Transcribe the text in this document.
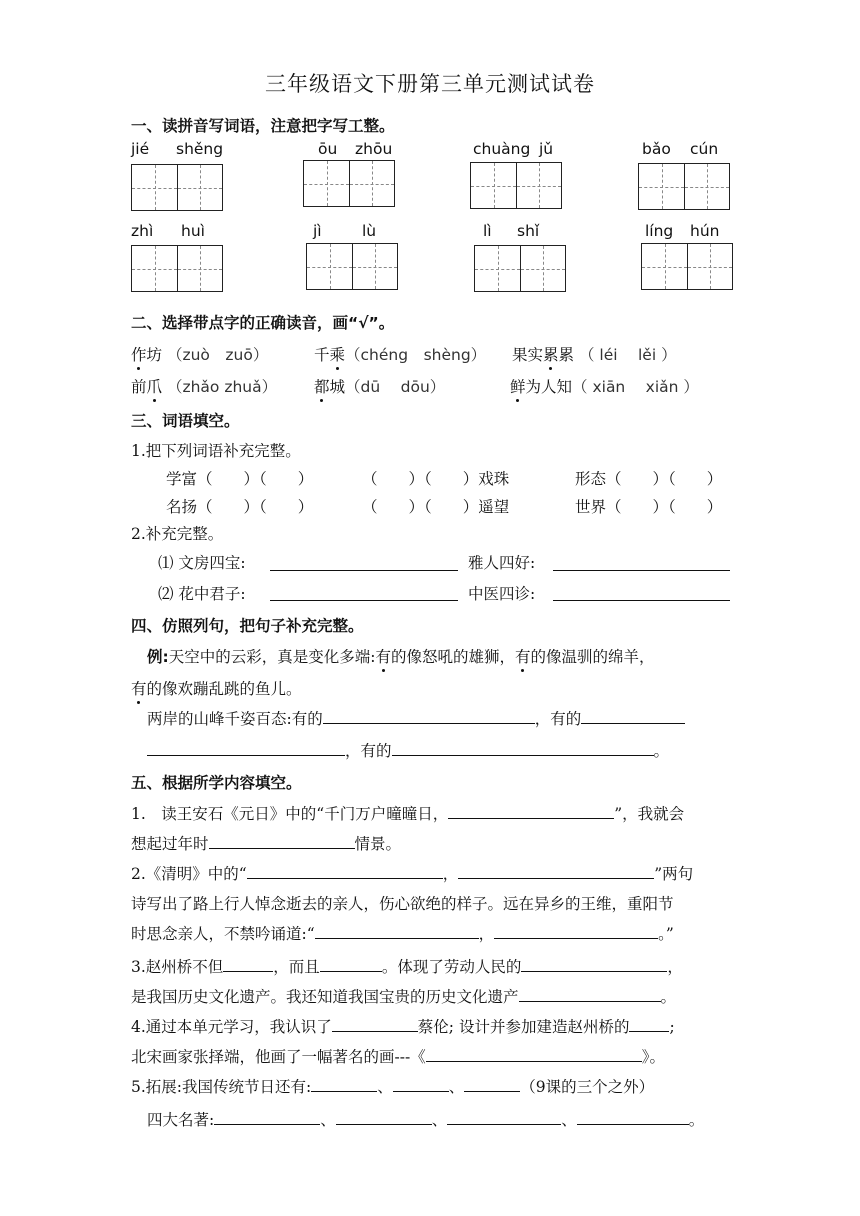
三年级语文下册第三单元测试试卷
一、读拼音写词语，注意把字写工整。
jié shěng	ōu zhōu	chuàng jǔ	bǎo cún
zhì huì	jì	lù	lì shǐ	líng hún
二、选择带点字的正确读音，画“√”。
作坊 （zuò　zuō）	千乘（chéng　shèng） 果实累累 （ léi　 lěi ）
前爪 （zhǎo zhuǎ） 都城（dū　 dōu）	鲜为人知（ xiān　 xiǎn ）
三、词语填空。
1.把下列词语补充完整。
学富（　　）（　　）	（　　）（　　）戏珠	形态（　　）（　　）
名扬（　　）（　　）	（　　）（　　）遥望	世界（　　）（　　）
2.补充完整。
⑴ 文房四宝:	雅人四好:
⑵ 花中君子:	中医四诊:
四、仿照列句，把句子补充完整。
例:天空中的云彩，真是变化多端:有的像怒吼的雄狮，有的像温驯的绵羊，
有的像欢蹦乱跳的鱼儿。
两岸的山峰千姿百态:有的	，有的
，有的	。
五、根据所学内容填空。
1.　读王安石《元日》中的“千门万户曈曈日，	”，我就会
想起过年时	情景。
2.《清明》中的“	，	”两句
诗写出了路上行人悼念逝去的亲人，伤心欲绝的样子。远在异乡的王维，重阳节
时思念亲人，不禁吟诵道:“	，	。”
3.赵州桥不但	，而且	。体现了劳动人民的	，
是我国历史文化遗产。我还知道我国宝贵的历史文化遗产	。
4.通过本单元学习，我认识了	蔡伦; 设计并参加建造赵州桥的	;
北宋画家张择端，他画了一幅著名的画---《	》。
5.拓展:我国传统节日还有:	、	、	（9课的三个之外）
四大名著:	、	、	、	。
